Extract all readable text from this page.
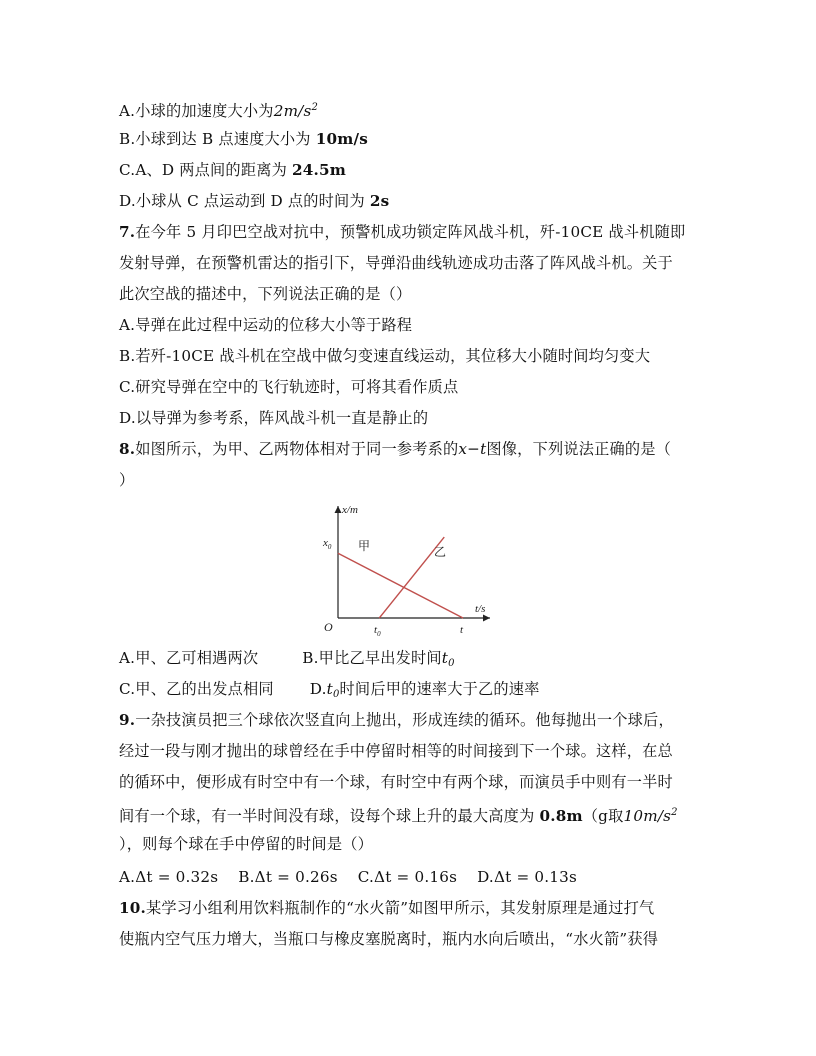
A.小球的加速度大小为$2m/s^2$
B.小球到达 B 点速度大小为 10m/s
C.A、D 两点间的距离为 24.5m
D.小球从 C 点运动到 D 点的时间为 2s
7.在今年 5 月印巴空战对抗中，预警机成功锁定阵风战斗机，歼-10CE 战斗机随即
发射导弹，在预警机雷达的指引下，导弹沿曲线轨迹成功击落了阵风战斗机。关于
此次空战的描述中，下列说法正确的是（）
A.导弹在此过程中运动的位移大小等于路程
B.若歼-10CE 战斗机在空战中做匀变速直线运动，其位移大小随时间均匀变大
C.研究导弹在空中的飞行轨迹时，可将其看作质点
D.以导弹为参考系，阵风战斗机一直是静止的
8.如图所示，为甲、乙两物体相对于同一参考系的x−t图像，下列说法正确的是（
）
x/m
t/s
O
$x_0$
$t_0$	t
甲	乙
A.甲、乙可相遇两次	B.甲比乙早出发时间$t_0$
C.甲、乙的出发点相同 $D.t_0$时间后甲的速率大于乙的速率
9.一杂技演员把三个球依次竖直向上抛出，形成连续的循环。他每抛出一个球后，
经过一段与刚才抛出的球曾经在手中停留时相等的时间接到下一个球。这样，在总
的循环中，便形成有时空中有一个球，有时空中有两个球，而演员手中则有一半时
间有一个球，有一半时间没有球，设每个球上升的最大高度为 0.8m（g取$10m/s^2$
），则每个球在手中停留的时间是（）
A.Δt = 0.32s B.Δt = 0.26s C.Δt = 0.16s D.Δt = 0.13s
10.某学习小组利用饮料瓶制作的“水火箭”如图甲所示，其发射原理是通过打气
使瓶内空气压力增大，当瓶口与橡皮塞脱离时，瓶内水向后喷出，“水火箭”获得
